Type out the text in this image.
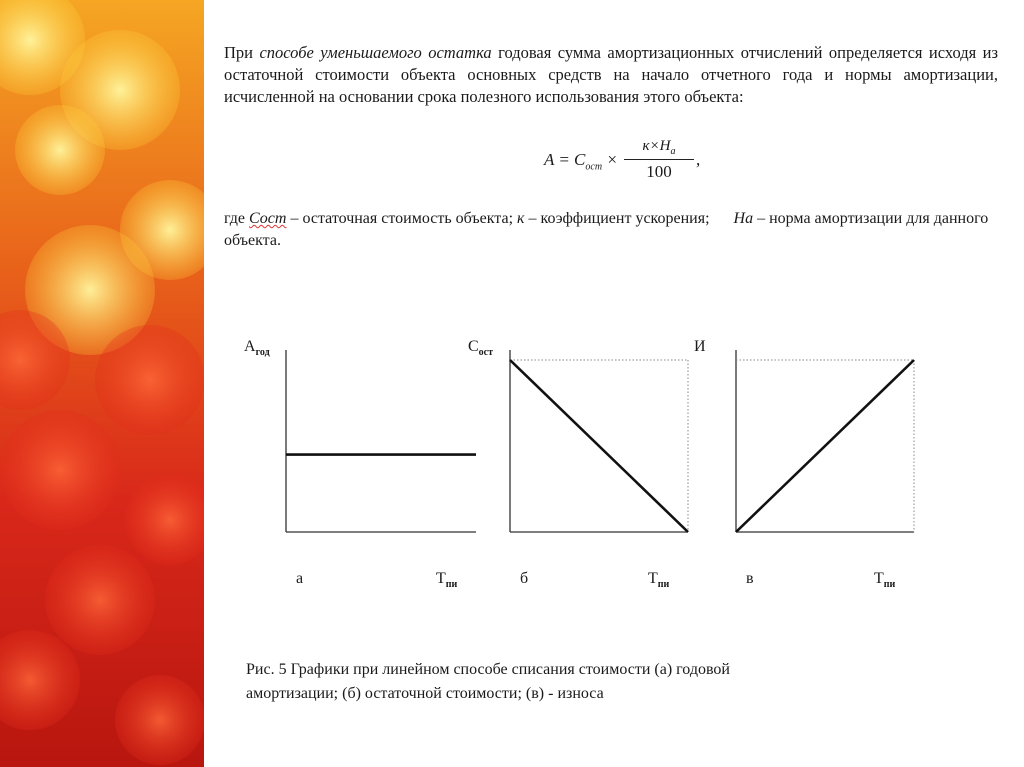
При способе уменьшаемого остатка годовая сумма амортизационных отчислений определяется исходя из остаточной стоимости объекта основных средств на начало отчетного года и нормы амортизации, исчисленной на основании срока полезного использования этого объекта:
$A = C_{ост}$ ×
$к\times Н_а$
100
,
где Сост – остаточная стоимость объекта; к – коэффициент ускорения;      На – норма амортизации для данного объекта.
$А_{год}$
а	$Т_{пи}$
$С_{ост}$
б	$Т_{пи}$
И
в	$Т_{пи}$
Рис. 5 Графики при линейном способе списания стоимости (а) годовой
амортизации; (б) остаточной стоимости; (в) - износа
